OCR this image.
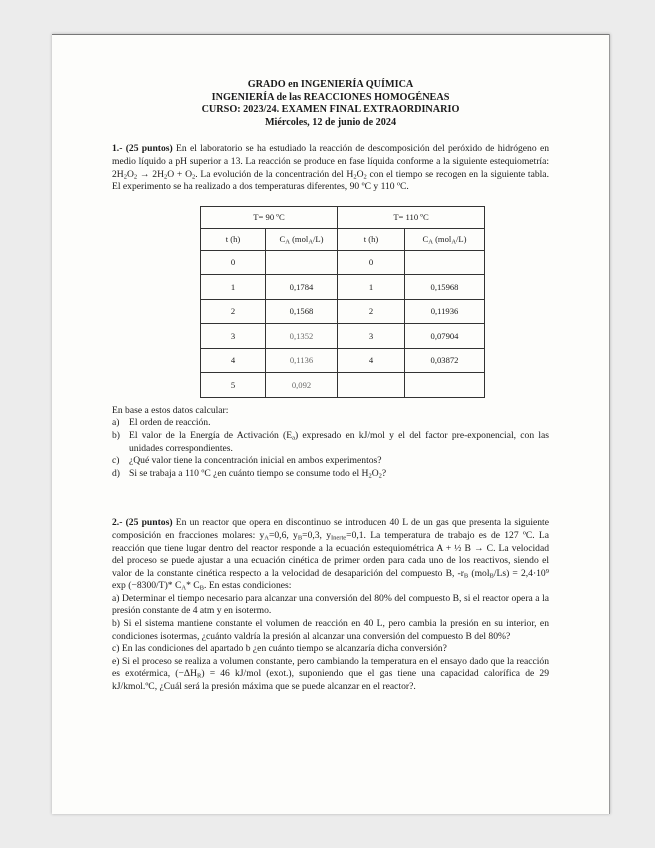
GRADO en INGENIERÍA QUÍMICA
INGENIERÍA de las REACCIONES HOMOGÉNEAS
CURSO: 2023/24. EXAMEN FINAL EXTRAORDINARIO
Miércoles, 12 de junio de 2024
1.- (25 puntos) En el laboratorio se ha estudiado la reacción de descomposición del peróxido de hidrógeno en medio líquido a pH superior a 13. La reacción se produce en fase líquida conforme a la siguiente estequiometría: $2H_2O_2 \to 2H_2O + O_2$. La evolución de la concentración del $H_2O_2$ con el tiempo se recogen en la siguiente tabla. El experimento se ha realizado a dos temperaturas diferentes, 90 ºC y 110 ºC.
T= 90 ºC		T= 110 ºC	
t (h)	$C_A$ (mol$_A$/L)	t (h)	$C_A$ (mol$_A$/L)
0		0	
1	0,1784	1	0,15968
2	0,1568	2	0,11936
3	0,1352	3	0,07904
4	0,1136	4	0,03872
5	0,092		
En base a estos datos calcular:
a) El orden de reacción.
b) El valor de la Energía de Activación $(E_a)$ expresado en kJ/mol y el del factor pre-exponencial, con las unidades correspondientes.
c) ¿Qué valor tiene la concentración inicial en ambos experimentos?
d) Si se trabaja a 110 ºC ¿en cuánto tiempo se consume todo el $H_2O_2$?
2.- (25 puntos) En un reactor que opera en discontinuo se introducen 40 L de un gas que presenta la siguiente composición en fracciones molares: $y_A=0,6$, $y_B=0,3$, $y_{Inerte}=0,1$. La temperatura de trabajo es de 127 ºC. La reacción que tiene lugar dentro del reactor responde a la ecuación estequiométrica A + ½ B → C. La velocidad del proceso se puede ajustar a una ecuación cinética de primer orden para cada uno de los reactivos, siendo el valor de la constante cinética respecto a la velocidad de desaparición del compuesto B, $-r_B$ $(mol_B/Ls) = 2,4\cdot 10^9$ exp (−8300/T)* $C_A*$ $C_B$. En estas condiciones:
a) Determinar el tiempo necesario para alcanzar una conversión del 80% del compuesto B, si el reactor opera a la presión constante de 4 atm y en isotermo.
b) Si el sistema mantiene constante el volumen de reacción en 40 L, pero cambia la presión en su interior, en condiciones isotermas, ¿cuánto valdría la presión al alcanzar una conversión del compuesto B del 80%?
c) En las condiciones del apartado b ¿en cuánto tiempo se alcanzaría dicha conversión?
e) Si el proceso se realiza a volumen constante, pero cambiando la temperatura en el ensayo dado que la reacción es exotérmica, $(-\Delta H_R) = 46$ kJ/mol (exot.), suponiendo que el gas tiene una capacidad calorífica de 29 kJ/kmol.ºC, ¿Cuál será la presión máxima que se puede alcanzar en el reactor?.
